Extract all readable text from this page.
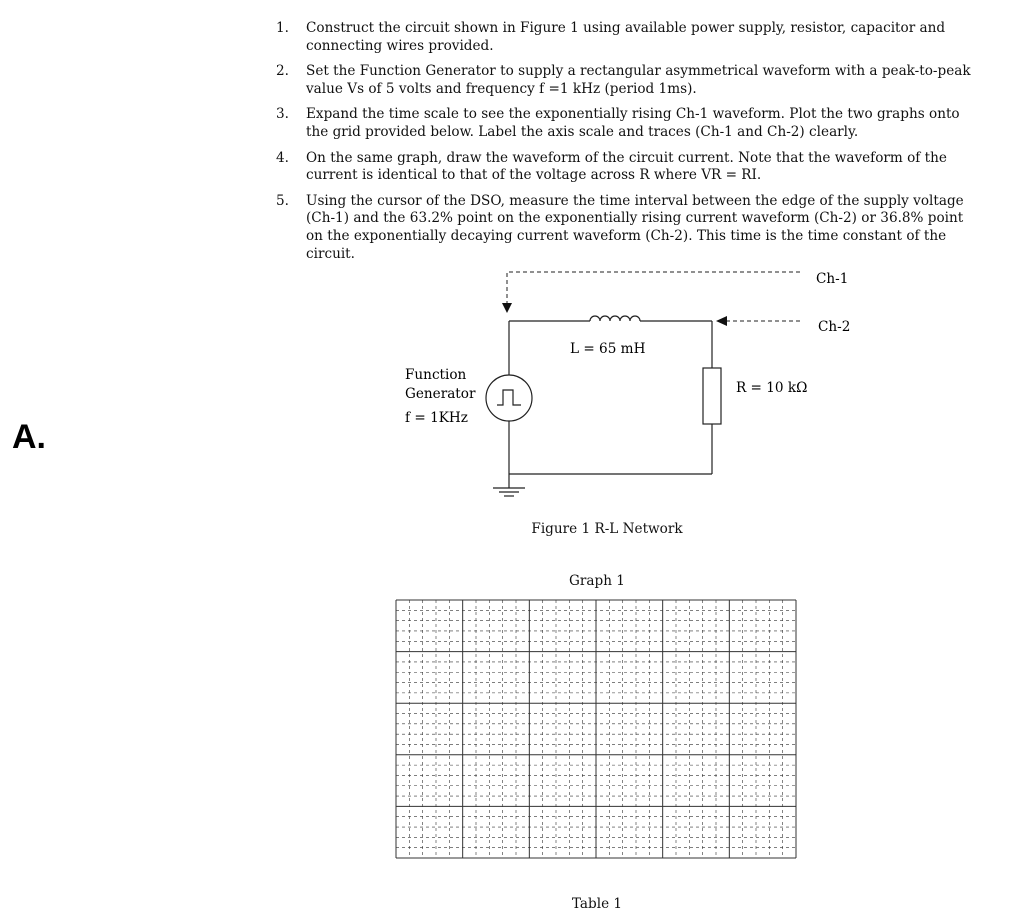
A.
1. Construct the circuit shown in Figure 1 using available power supply, resistor, capacitor and connecting wires provided.
2. Set the Function Generator to supply a rectangular asymmetrical waveform with a peak-to-peak value Vs of 5 volts and frequency f =1 kHz (period 1ms).
3. Expand the time scale to see the exponentially rising Ch-1 waveform. Plot the two graphs onto the grid provided below. Label the axis scale and traces (Ch-1 and Ch-2) clearly.
4. On the same graph, draw the waveform of the circuit current. Note that the waveform of the current is identical to that of the voltage across R where VR = RI.
5. Using the cursor of the DSO, measure the time interval between the edge of the supply voltage (Ch-1) and the 63.2% point on the exponentially rising current waveform (Ch-2) or 36.8% point on the exponentially decaying current waveform (Ch-2). This time is the time constant of the circuit.
Ch-1
Ch-2
L = 65 mH
R = 10 kΩ
Function
Generator
f = 1KHz
Figure 1 R-L Network
Graph 1
Table 1
